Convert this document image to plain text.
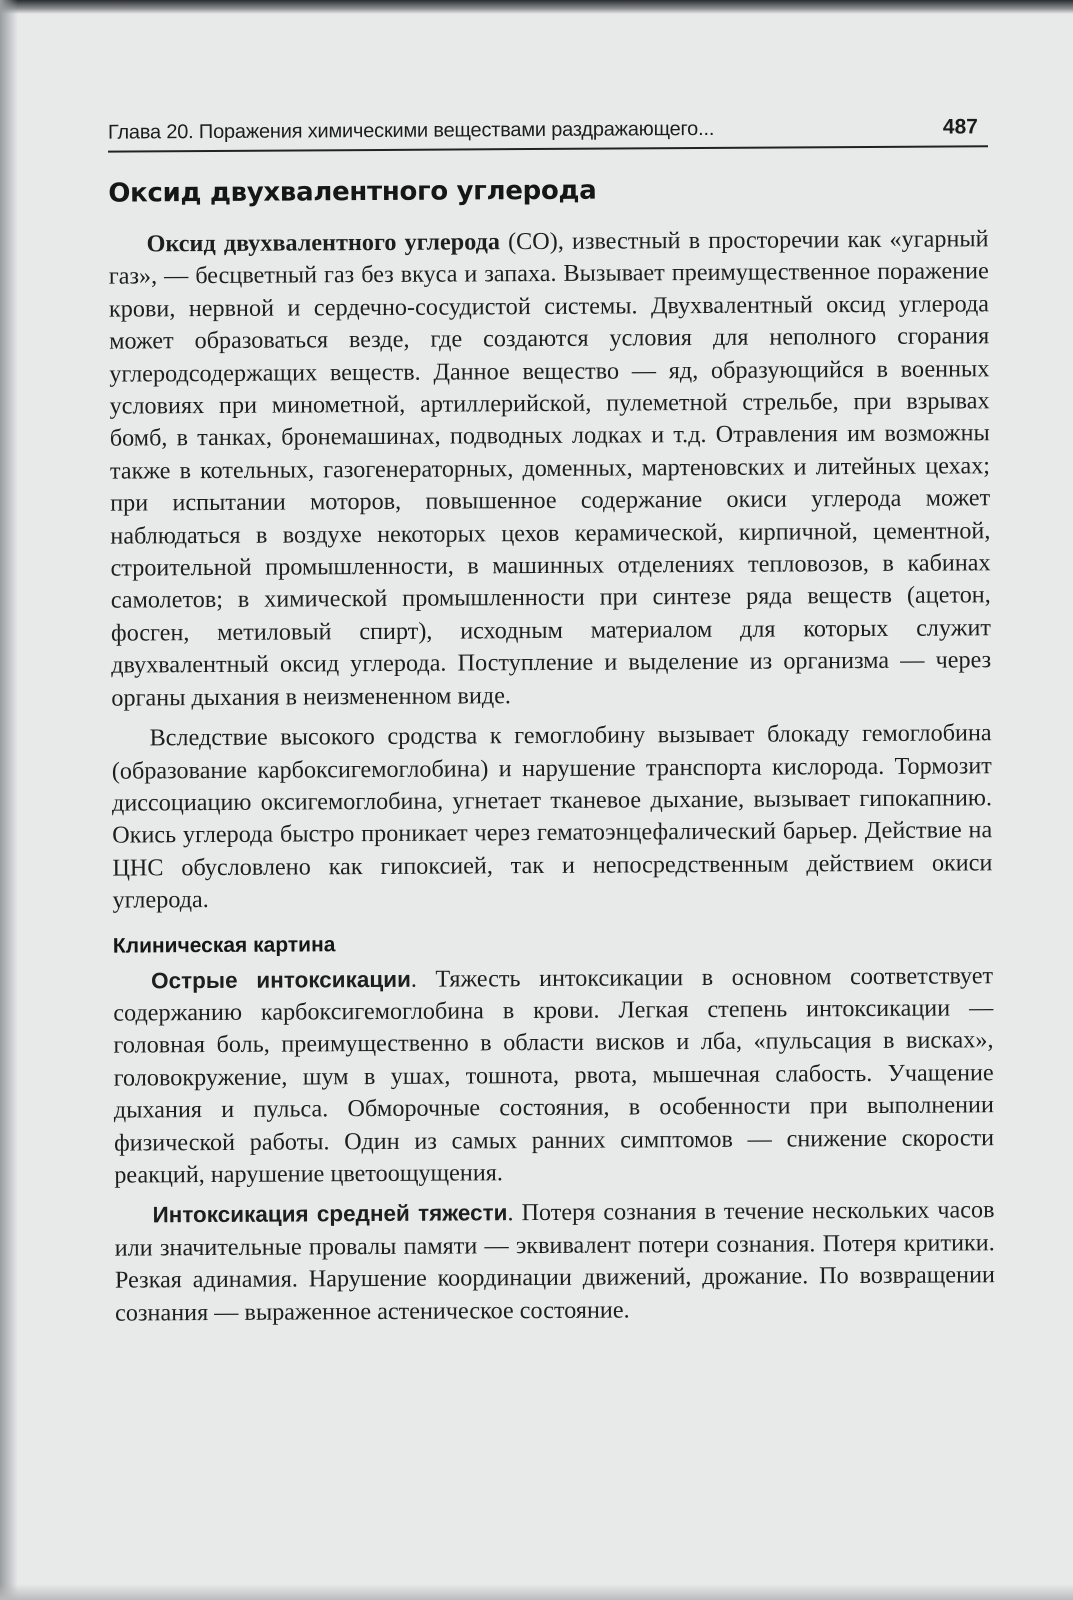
Глава 20. Поражения химическими веществами раздражающего...	487
Оксид двухвалентного углерода

Оксид двухвалентного углерода (CO), известный в просторечии как «угарный газ», — бесцветный газ без вкуса и запаха. Вызывает преимущественное поражение крови, нервной и сердечно-сосудистой системы. Двухвалентный оксид углерода может образоваться везде, где создаются условия для неполного сгорания углеродсодержащих веществ. Данное вещество — яд, образующийся в военных условиях при минометной, артиллерийской, пулеметной стрельбе, при взрывах бомб, в танках, бронемашинах, подводных лодках и т.д. Отравления им возможны также в котельных, газогенераторных, доменных, мартеновских и литейных цехах; при испытании моторов, повышенное содержание окиси углерода может наблюдаться в воздухе некоторых цехов керамической, кирпичной, цементной, строительной промышленности, в машинных отделениях тепловозов, в кабинах самолетов; в химической промышленности при синтезе ряда веществ (ацетон, фосген, метиловый спирт), исходным материалом для которых служит двухвалентный оксид углерода. Поступление и выделение из организма — через органы дыхания в неизмененном виде.

Вследствие высокого сродства к гемоглобину вызывает блокаду гемоглобина (образование карбоксигемоглобина) и нарушение транспорта кислорода. Тормозит диссоциацию оксигемоглобина, угнетает тканевое дыхание, вызывает гипокапнию. Окись углерода быстро проникает через гематоэнцефалический барьер. Действие на ЦНС обусловлено как гипоксией, так и непосредственным действием окиси углерода.

Клиническая картина

Острые интоксикации. Тяжесть интоксикации в основном соответствует содержанию карбоксигемоглобина в крови. Легкая степень интоксикации — головная боль, преимущественно в области висков и лба, «пульсация в висках», головокружение, шум в ушах, тошнота, рвота, мышечная слабость. Учащение дыхания и пульса. Обморочные состояния, в особенности при выполнении физической работы. Один из самых ранних симптомов — снижение скорости реакций, нарушение цветоощущения.

Интоксикация средней тяжести. Потеря сознания в течение нескольких часов или значительные провалы памяти — эквивалент потери сознания. Потеря критики. Резкая адинамия. Нарушение координации движений, дрожание. По возвращении сознания — выраженное астеническое состояние.
